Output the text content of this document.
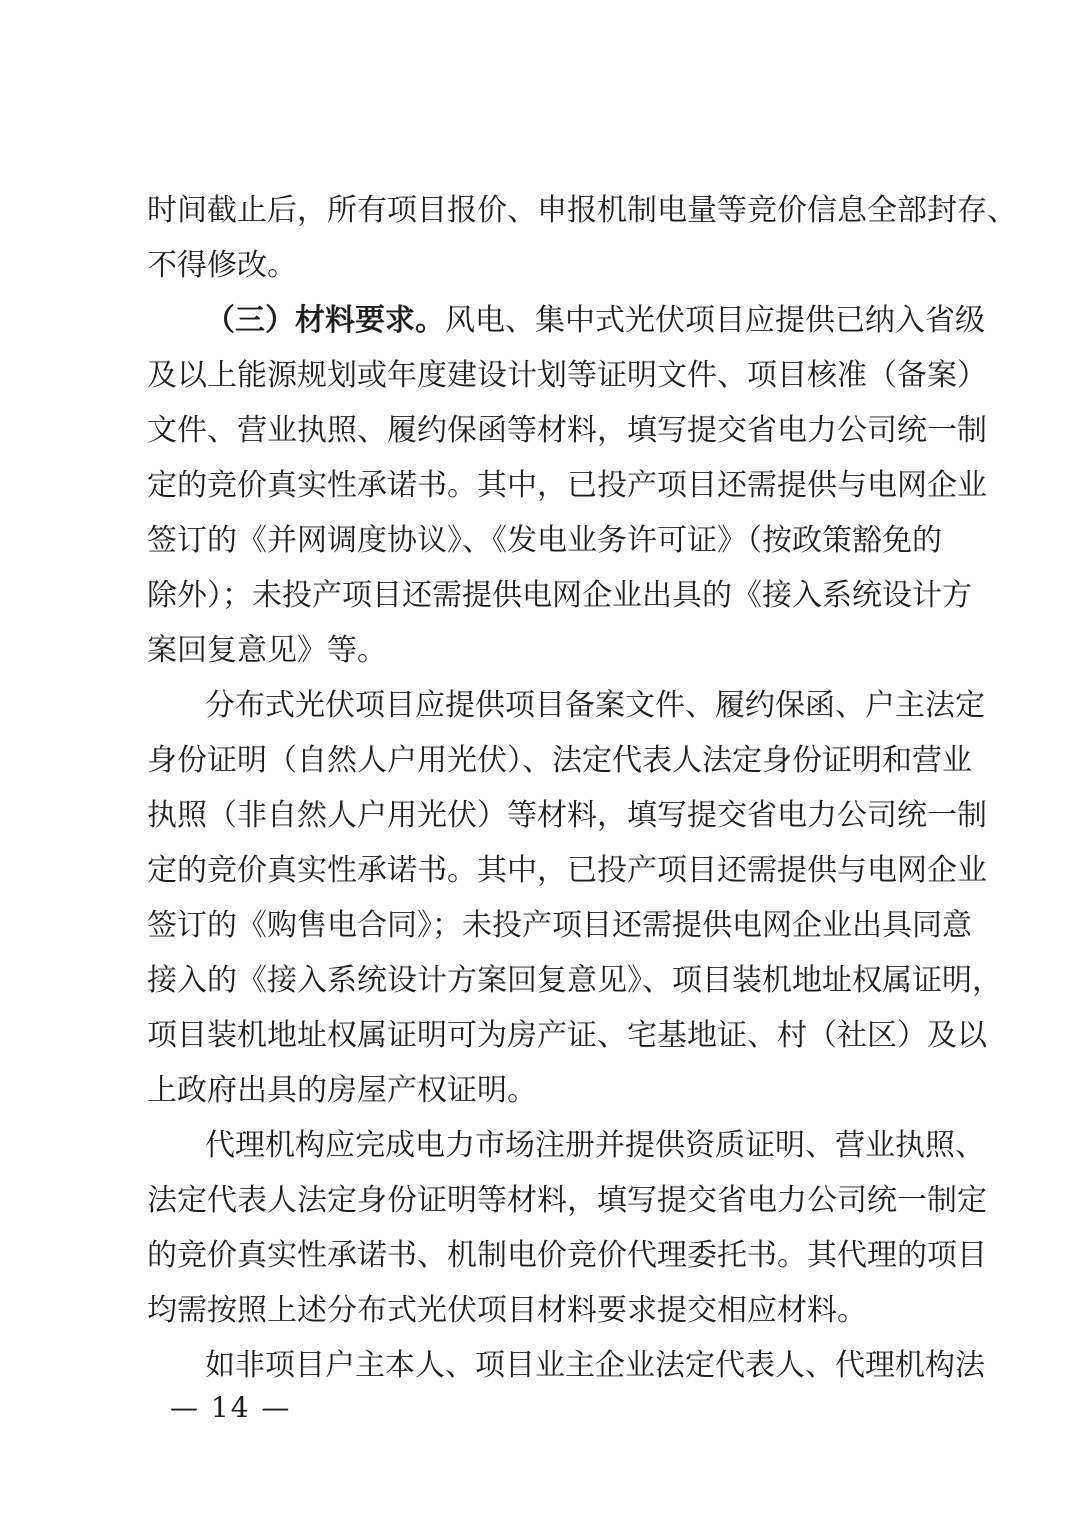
时间截止后，所有项目报价、申报机制电量等竞价信息全部封存、
不得修改。
（三）材料要求。风电、集中式光伏项目应提供已纳入省级
及以上能源规划或年度建设计划等证明文件、项目核准（备案）
文件、营业执照、履约保函等材料，填写提交省电力公司统一制
定的竞价真实性承诺书。其中，已投产项目还需提供与电网企业
签订的《并网调度协议》、《发电业务许可证》（按政策豁免的
除外）；未投产项目还需提供电网企业出具的《接入系统设计方
案回复意见》等。
分布式光伏项目应提供项目备案文件、履约保函、户主法定
身份证明（自然人户用光伏）、法定代表人法定身份证明和营业
执照（非自然人户用光伏）等材料，填写提交省电力公司统一制
定的竞价真实性承诺书。其中，已投产项目还需提供与电网企业
签订的《购售电合同》；未投产项目还需提供电网企业出具同意
接入的《接入系统设计方案回复意见》、项目装机地址权属证明，
项目装机地址权属证明可为房产证、宅基地证、村（社区）及以
上政府出具的房屋产权证明。
代理机构应完成电力市场注册并提供资质证明、营业执照、
法定代表人法定身份证明等材料，填写提交省电力公司统一制定
的竞价真实性承诺书、机制电价竞价代理委托书。其代理的项目
均需按照上述分布式光伏项目材料要求提交相应材料。
如非项目户主本人、项目业主企业法定代表人、代理机构法
— 14 —
